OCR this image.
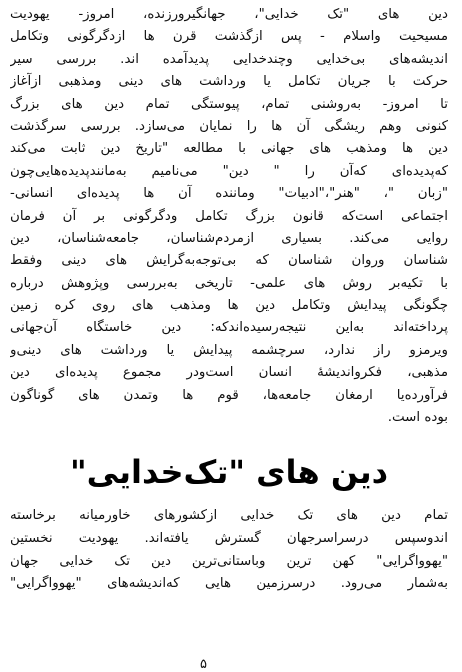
دین های "تک خدایی"، جهانگیرورزنده، امروز- یهودیت
مسیحیت واسلام - پس ازگذشت قرن ها ازدگرگونی وتکامل
اندیشه‌های بی‌خدایی وچندخدایی پدیدآمده اند. بررسی سیر
حرکت با جریان تکامل یا ورداشت های دینی ومذهبی ازآغاز
تا امروز- به‌روشنی تمام، پیوستگی تمام دین های بزرگ
کنونی وهم ریشگی آن ها را نمایان می‌سازد. بررسی سرگذشت
دین ها ومذهب های جهانی با مطالعه "تاریخ دین ثابت می‌کند
که‌پدیده‌ای که‌آن را " دین" می‌نامیم به‌مانندپدیده‌هایی‌چون
"زبان "، "هنر"،"ادبیات" وماننده آن ها پدیده‌ای انسانی-
اجتماعی است‌که قانون بزرگ تکامل ودگرگونی بر آن فرمان
روایی می‌کند. بسیاری ازمردم‌شناسان، جامعه‌شناسان، دین
شناسان وروان شناسان که بی‌توجه‌به‌گرایش های دینی وفقط
با تکیه‌بر روش های علمی- تاریخی به‌بررسی وپژوهش درباره
چگونگی پیدایش وتکامل دین ها ومذهب های روی کره زمین
پرداخته‌اند به‌این نتیجه‌رسیده‌اندکه: دین خاستگاه آن‌جهانی
ویرمزو راز ندارد، سرچشمه پیدایش یا ورداشت های دینی‌و
مذهبی، فکروانديشهٔ انسان است‌ودر مجموع پدیده‌ای دین
فرآورده‌یا ارمغان جامعه‌ها، قوم ها وتمدن های گوناگون
بوده است.
دین های "تک‌خدایی"
تمام دین های تک خدایی ازکشورهای خاورمیانه برخاسته
اندوسپس درسراسرجهان گسترش یافته‌اند. یهودیت نخستین
"یهوواگرایی" کهن ترین وباستانی‌ترین دین تک خدایی جهان
به‌شمار می‌رود. درسرزمین هایی که‌اندیشه‌های "یهوواگرایی"
۵
